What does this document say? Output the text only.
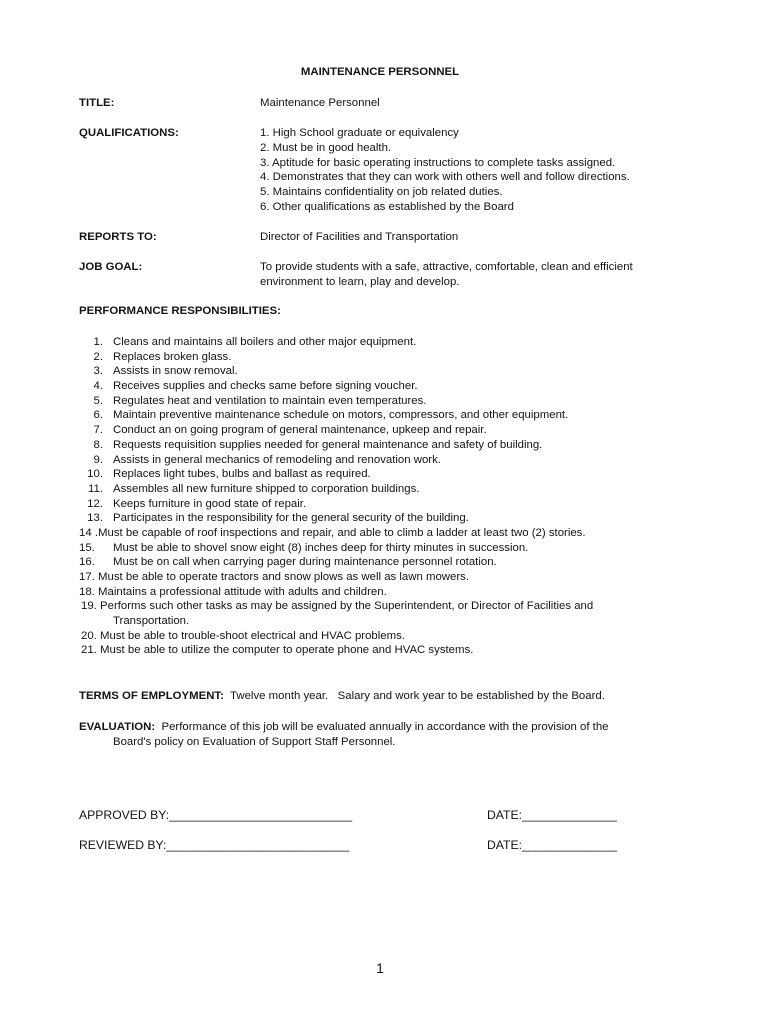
MAINTENANCE PERSONNEL
TITLE:	Maintenance Personnel
QUALIFICATIONS:	1. High School graduate or equivalency
2. Must be in good health.
3. Aptitude for basic operating instructions to complete tasks assigned.
4. Demonstrates that they can work with others well and follow directions.
5. Maintains confidentiality on job related duties.
6. Other qualifications as established by the Board
REPORTS TO:	Director of Facilities and Transportation
JOB GOAL:	To provide students with a safe, attractive, comfortable, clean and efficient
environment to learn, play and develop.
PERFORMANCE RESPONSIBILITIES:
1. Cleans and maintains all boilers and other major equipment.
2. Replaces broken glass.
3. Assists in snow removal.
4. Receives supplies and checks same before signing voucher.
5. Regulates heat and ventilation to maintain even temperatures.
6. Maintain preventive maintenance schedule on motors, compressors, and other equipment.
7. Conduct an on going program of general maintenance, upkeep and repair.
8. Requests requisition supplies needed for general maintenance and safety of building.
9. Assists in general mechanics of remodeling and renovation work.
10. Replaces light tubes, bulbs and ballast as required.
11. Assembles all new furniture shipped to corporation buildings.
12. Keeps furniture in good state of repair.
13. Participates in the responsibility for the general security of the building.
14 .Must be capable of roof inspections and repair, and able to climb a ladder at least two (2) stories.
15. Must be able to shovel snow eight (8) inches deep for thirty minutes in succession.
16. Must be on call when carrying pager during maintenance personnel rotation.
17. Must be able to operate tractors and snow plows as well as lawn mowers.
18. Maintains a professional attitude with adults and children.
19. Performs such other tasks as may be assigned by the Superintendent, or Director of Facilities and
Transportation.
20. Must be able to trouble-shoot electrical and HVAC problems.
21. Must be able to utilize the computer to operate phone and HVAC systems.
TERMS OF EMPLOYMENT: Twelve month year.   Salary and work year to be established by the Board.
EVALUATION: Performance of this job will be evaluated annually in accordance with the provision of the
Board's policy on Evaluation of Support Staff Personnel.
APPROVED BY:___________________________	DATE:______________
REVIEWED BY:___________________________	DATE:______________
1
